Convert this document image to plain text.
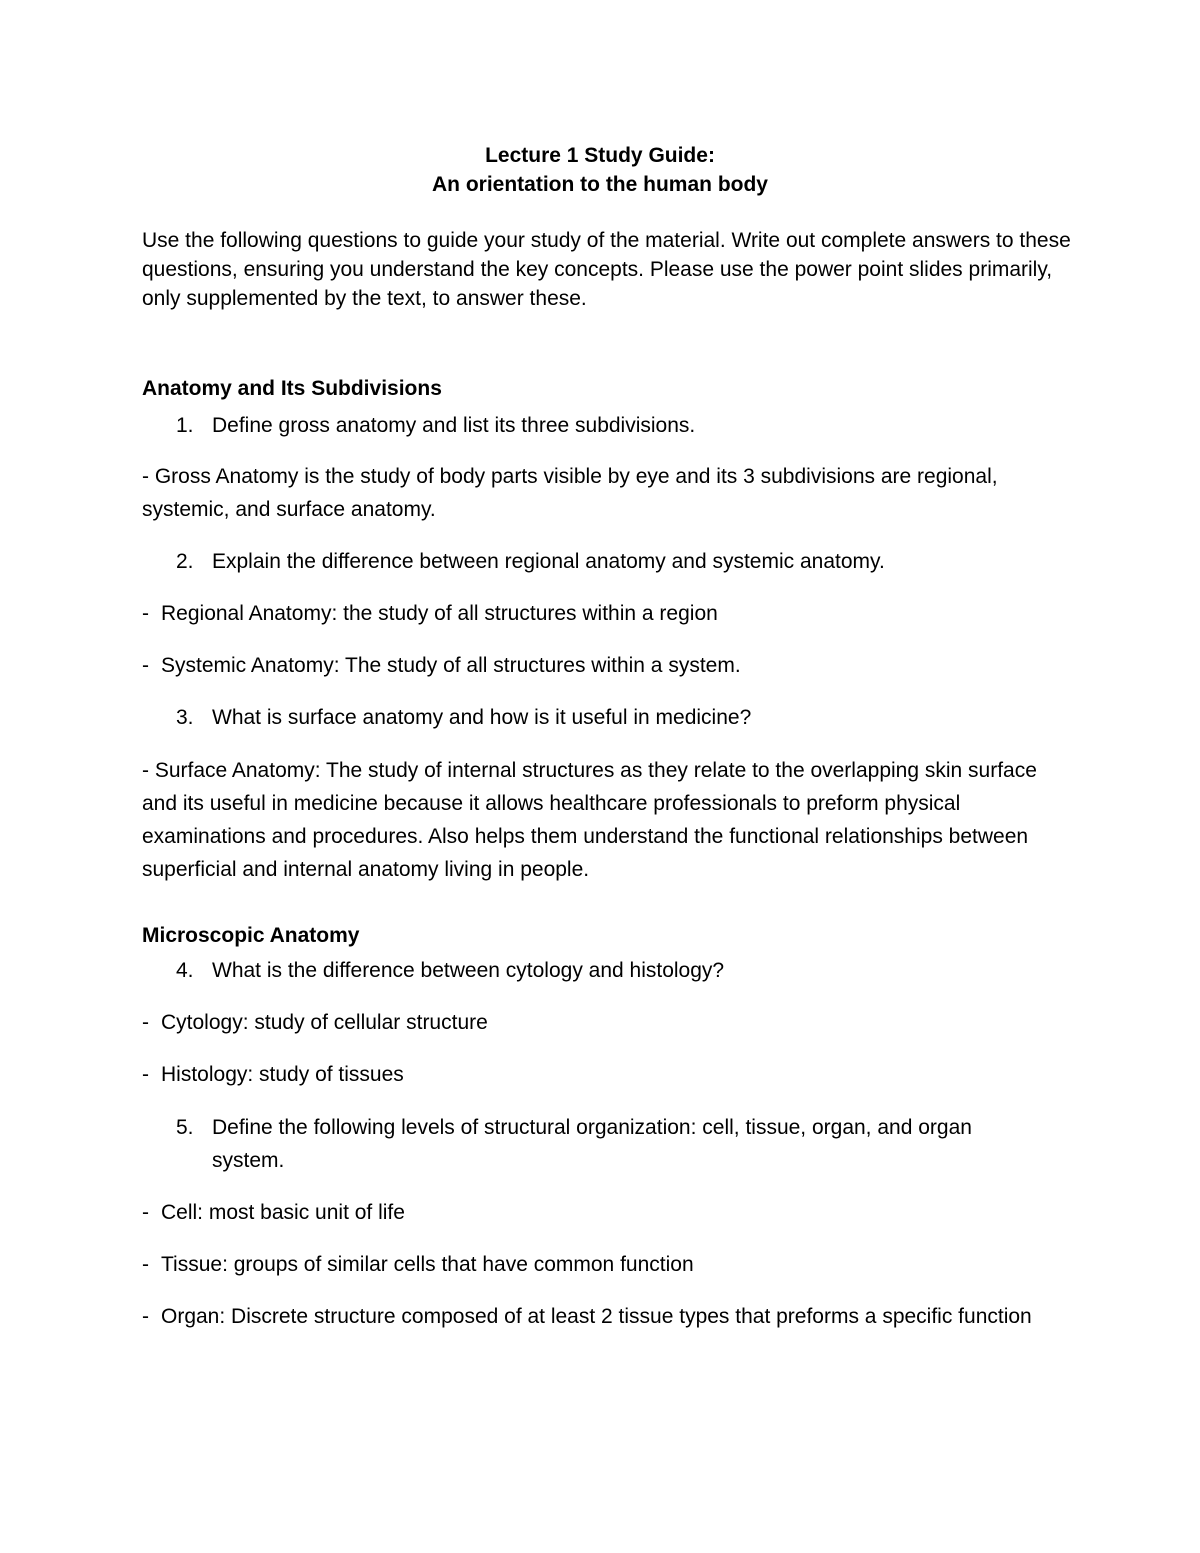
Lecture 1 Study Guide:
An orientation to the human body
Use the following questions to guide your study of the material. Write out complete answers to these questions, ensuring you understand the key concepts. Please use the power point slides primarily, only supplemented by the text, to answer these.
Anatomy and Its Subdivisions
1. Define gross anatomy and list its three subdivisions.
- Gross Anatomy is the study of body parts visible by eye and its 3 subdivisions are regional, systemic, and surface anatomy.
2. Explain the difference between regional anatomy and systemic anatomy.
- Regional Anatomy: the study of all structures within a region
- Systemic Anatomy: The study of all structures within a system.
3. What is surface anatomy and how is it useful in medicine?
- Surface Anatomy: The study of internal structures as they relate to the overlapping skin surface and its useful in medicine because it allows healthcare professionals to preform physical examinations and procedures. Also helps them understand the functional relationships between superficial and internal anatomy living in people.
Microscopic Anatomy
4. What is the difference between cytology and histology?
- Cytology: study of cellular structure
- Histology: study of tissues
5. Define the following levels of structural organization: cell, tissue, organ, and organ system.
- Cell: most basic unit of life
- Tissue: groups of similar cells that have common function
- Organ: Discrete structure composed of at least 2 tissue types that preforms a specific function
